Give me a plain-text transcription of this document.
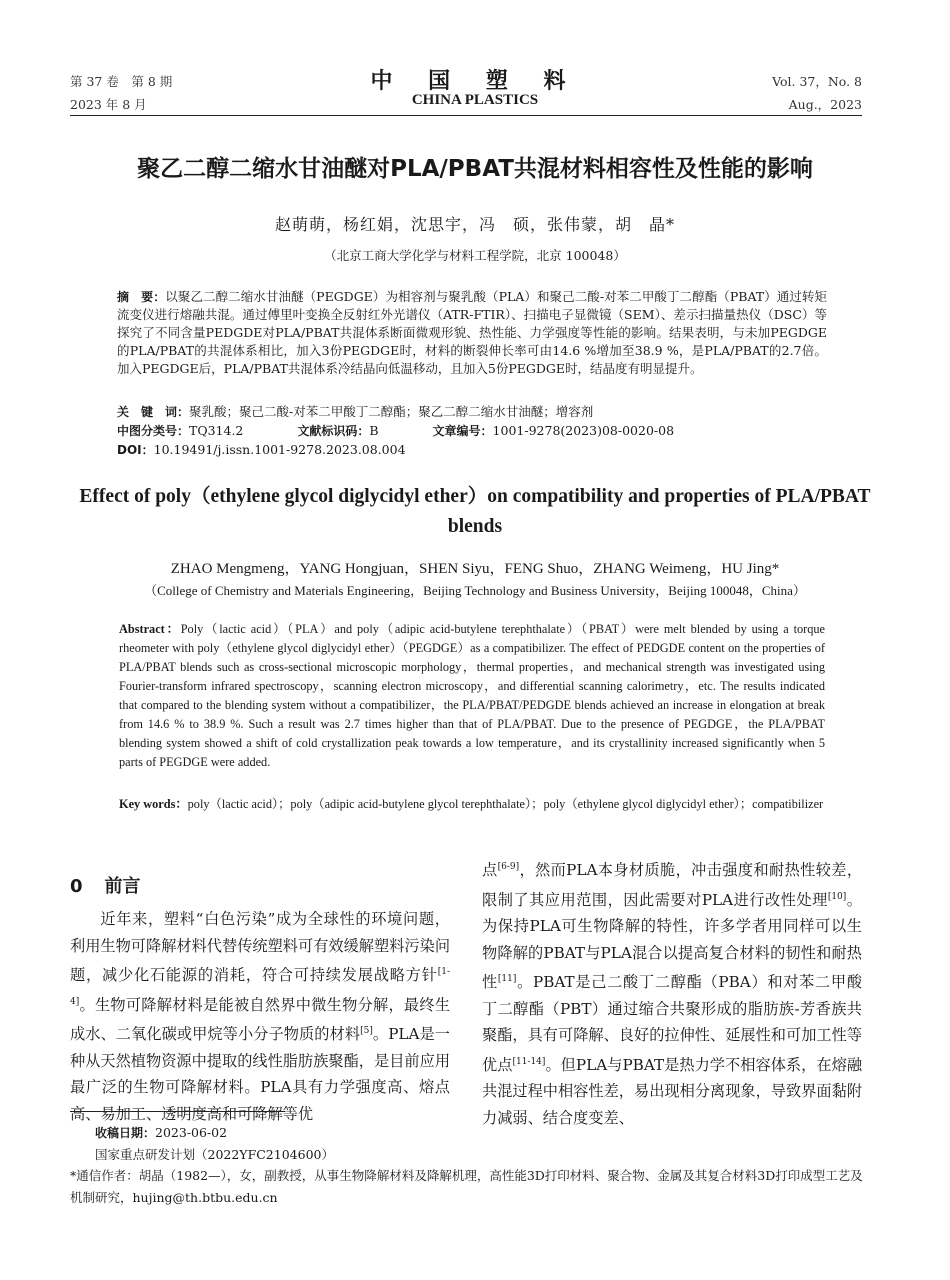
第 37 卷　第 8 期
2023 年 8 月
中 国 塑 料
CHINA PLASTICS
Vol. 37，No. 8
Aug.，2023
聚乙二醇二缩水甘油醚对PLA/PBAT共混材料相容性及性能的影响
赵萌萌，杨红娟，沈思宇，冯　硕，张伟蒙，胡　晶*
（北京工商大学化学与材料工程学院，北京 100048）
摘　要：以聚乙二醇二缩水甘油醚（PEGDGE）为相容剂与聚乳酸（PLA）和聚己二酸-对苯二甲酸丁二醇酯（PBAT）通过转矩流变仪进行熔融共混。通过傅里叶变换全反射红外光谱仪（ATR-FTIR）、扫描电子显微镜（SEM）、差示扫描量热仪（DSC）等探究了不同含量PEDGDE对PLA/PBAT共混体系断面微观形貌、热性能、力学强度等性能的影响。结果表明，与未加PEGDGE的PLA/PBAT的共混体系相比，加入3份PEGDGE时，材料的断裂伸长率可由14.6 %增加至38.9 %，是PLA/PBAT的2.7倍。加入PEGDGE后，PLA/PBAT共混体系冷结晶向低温移动，且加入5份PEGDGE时，结晶度有明显提升。
关　键　词：聚乳酸；聚己二酸-对苯二甲酸丁二醇酯；聚乙二醇二缩水甘油醚；增容剂
中图分类号：TQ314.2	文献标识码：B	文章编号：1001-9278(2023)08-0020-08
DOI：10.19491/j.issn.1001-9278.2023.08.004
Effect of poly（ethylene glycol diglycidyl ether）on compatibility and properties of PLA/PBAT blends
ZHAO Mengmeng，YANG Hongjuan，SHEN Siyu，FENG Shuo，ZHANG Weimeng，HU Jing*
（College of Chemistry and Materials Engineering，Beijing Technology and Business University，Beijing 100048，China）
Abstract：Poly（lactic acid）（PLA）and poly（adipic acid-butylene terephthalate）（PBAT）were melt blended by using a torque rheometer with poly（ethylene glycol diglycidyl ether）（PEGDGE）as a compatibilizer. The effect of PEDGDE content on the properties of PLA/PBAT blends such as cross-sectional microscopic morphology，thermal properties，and mechanical strength was investigated using Fourier-transform infrared spectroscopy，scanning electron microscopy，and differential scanning calorimetry，etc. The results indicated that compared to the blending system without a compatibilizer，the PLA/PBAT/PEDGDE blends achieved an increase in elongation at break from 14.6 % to 38.9 %. Such a result was 2.7 times higher than that of PLA/PBAT. Due to the presence of PEGDGE，the PLA/PBAT blending system showed a shift of cold crystallization peak towards a low temperature，and its crystallinity increased significantly when 5 parts of PEGDGE were added.
Key words：poly（lactic acid）；poly（adipic acid-butylene glycol terephthalate）；poly（ethylene glycol diglycidyl ether）；compatibilizer
0 前言

近年来，塑料“白色污染”成为全球性的环境问题，利用生物可降解材料代替传统塑料可有效缓解塑料污染问题，减少化石能源的消耗，符合可持续发展战略方针[1-4]。生物可降解材料是能被自然界中微生物分解，最终生成水、二氧化碳或甲烷等小分子物质的材料[5]。PLA是一种从天然植物资源中提取的线性脂肪族聚酯，是目前应用最广泛的生物可降解材料。PLA具有力学强度高、熔点高、易加工、透明度高和可降解等优

点[6-9]，然而PLA本身材质脆，冲击强度和耐热性较差，限制了其应用范围，因此需要对PLA进行改性处理[10]。为保持PLA可生物降解的特性，许多学者用同样可以生物降解的PBAT与PLA混合以提高复合材料的韧性和耐热性[11]。PBAT是己二酸丁二醇酯（PBA）和对苯二甲酸丁二醇酯（PBT）通过缩合共聚形成的脂肪族-芳香族共聚酯，具有可降解、良好的拉伸性、延展性和可加工性等优点[11-14]。但PLA与PBAT是热力学不相容体系，在熔融共混过程中相容性差，易出现相分离现象，导致界面黏附力减弱、结合度变差、

收稿日期：2023-06-02
国家重点研发计划（2022YFC2104600）
*通信作者：胡晶（1982—），女，副教授，从事生物降解材料及降解机理，高性能3D打印材料、聚合物、金属及其复合材料3D打印成型工艺及机制研究，hujing@th.btbu.edu.cn
